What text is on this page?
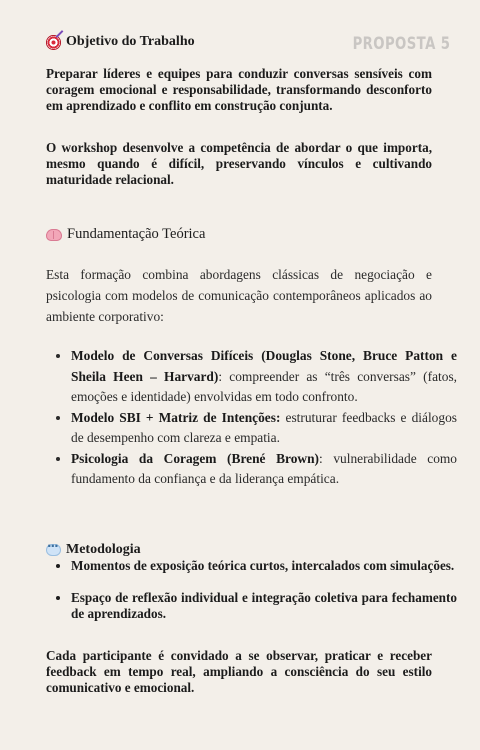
PROPOSTA 5
Objetivo do Trabalho

Preparar líderes e equipes para conduzir conversas sensíveis com coragem emocional e responsabilidade, transformando desconforto em aprendizado e conflito em construção conjunta.

O workshop desenvolve a competência de abordar o que importa, mesmo quando é difícil, preservando vínculos e cultivando maturidade relacional.

Fundamentação Teórica

Esta formação combina abordagens clássicas de negociação e psicologia com modelos de comunicação contemporâneos aplicados ao ambiente corporativo:

• Modelo de Conversas Difíceis (Douglas Stone, Bruce Patton e Sheila Heen – Harvard): compreender as “três conversas” (fatos, emoções e identidade) envolvidas em todo confronto.
• Modelo SBI + Matriz de Intenções: estruturar feedbacks e diálogos de desempenho com clareza e empatia.
• Psicologia da Coragem (Brené Brown): vulnerabilidade como fundamento da confiança e da liderança empática.
···
Metodologia
• Momentos de exposição teórica curtos, intercalados com simulações.
• Espaço de reflexão individual e integração coletiva para fechamento de aprendizados.

Cada participante é convidado a se observar, praticar e receber feedback em tempo real, ampliando a consciência do seu estilo comunicativo e emocional.
